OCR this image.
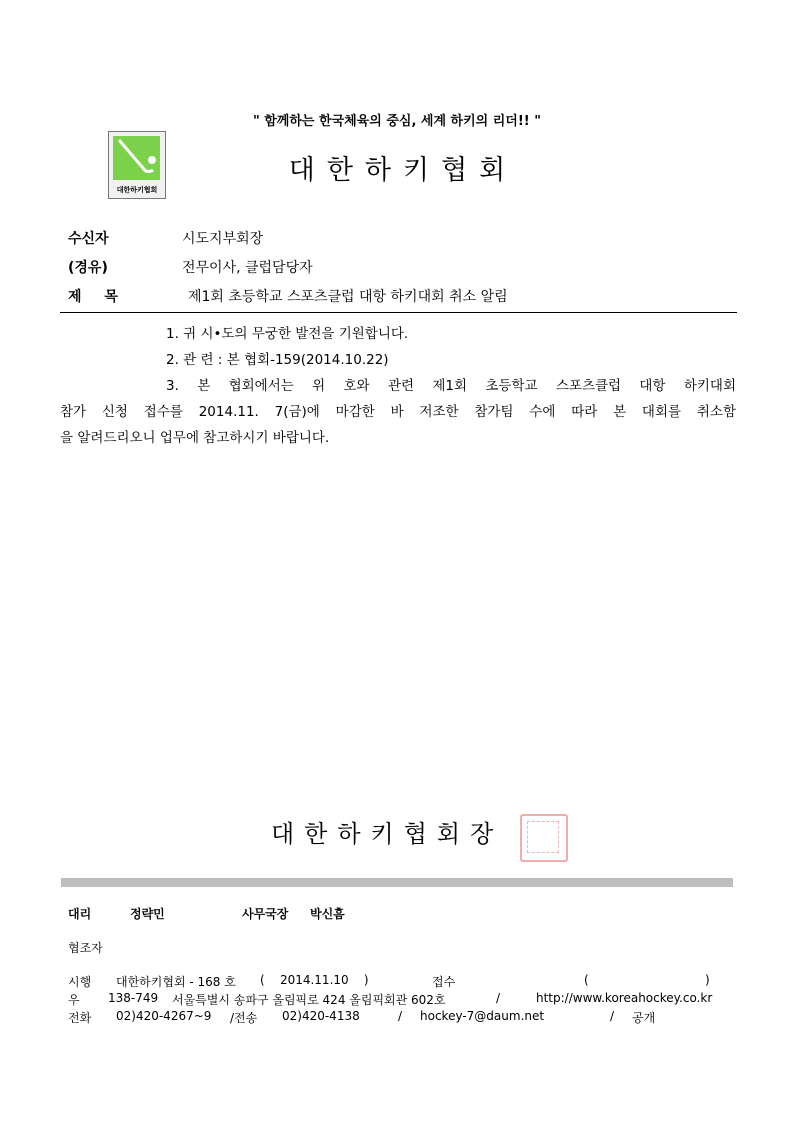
" 함께하는 한국체육의 중심, 세계 하키의 리더!! "
대한하키협회
대한하키협회
수신자	시도지부회장
(경유)	전무이사, 클럽담당자
제 목	제1회 초등학교 스포츠클럽 대항 하키대회 취소 알림
1. 귀 시•도의 무궁한 발전을 기원합니다.
2. 관 련 : 본 협회-159(2014.10.22)
3. 본 협회에서는 위 호와 관련 제1회 초등학교 스포츠클럽 대항 하키대회
참가 신청 접수를 2014.11. 7(금)에 마감한 바 저조한 참가팀 수에 따라 본 대회를 취소함
을 알려드리오니 업무에 참고하시기 바랍니다.
대한하키협회장
대리	정략민	사무국장 박신흠
협조자
시행 대한하키협회 - 168 호 (    2014.11.10    )	접수	(	)
우 138-749 서울특별시 송파구 올림픽로 424 올림픽회관 602호	/	http://www.koreahockey.co.kr
전화 02)420-4267~9 /전송 02)420-4138	/ hockey-7@daum.net	/ 공개
